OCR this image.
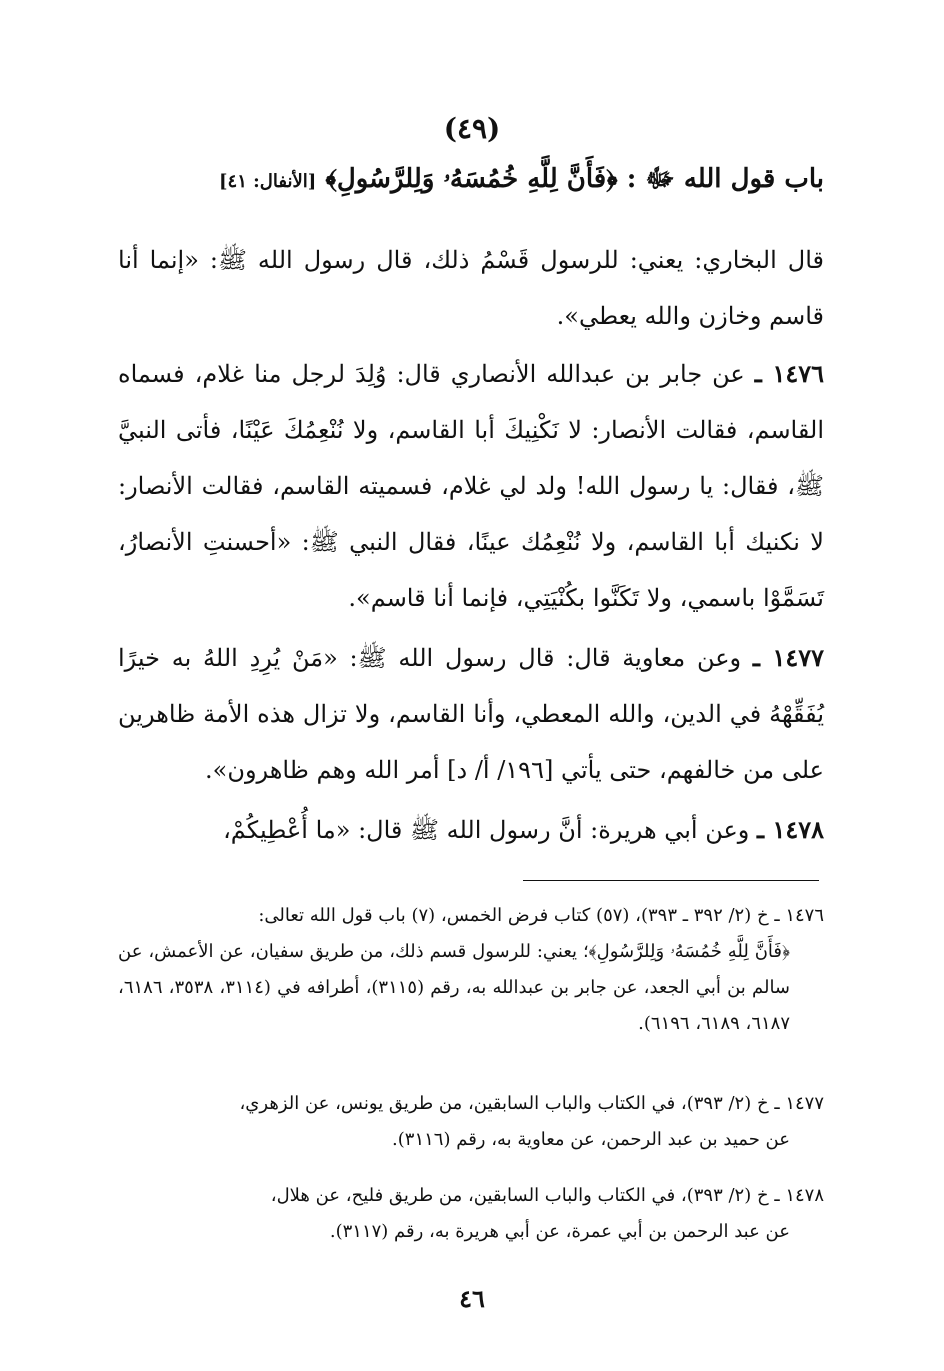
(٤٩)
باب قول الله ﷻ : ﴿فَأَنَّ لِلَّهِ خُمُسَهُۥ وَلِلرَّسُولِ﴾ [الأنفال: ٤١]
قال البخاري: يعني: للرسول قَسْمُ ذلك، قال رسول الله ﷺ: «إنما أنا قاسم وخازن والله يعطي».
١٤٧٦ ـ عن جابر بن عبدالله الأنصاري قال: وُلِدَ لرجل منا غلام، فسماه القاسم، فقالت الأنصار: لا نَكْنِيكَ أبا القاسم، ولا نُنْعِمُكَ عَيْنًا، فأتى النبيَّ ﷺ، فقال: يا رسول الله! ولد لي غلام، فسميته القاسم، فقالت الأنصار: لا نكنيك أبا القاسم، ولا نُنْعِمُك عينًا، فقال النبي ﷺ: «أحسنتِ الأنصارُ، تَسَمَّوْا باسمي، ولا تَكَنَّوا بكُنْيَتِي، فإنما أنا قاسم».
١٤٧٧ ـ وعن معاوية قال: قال رسول الله ﷺ: «مَنْ يُرِدِ اللهُ به خيرًا يُفَقِّهْهُ في الدين، والله المعطي، وأنا القاسم، ولا تزال هذه الأمة ظاهرين على من خالفهم، حتى يأتي [١٩٦/ أ/ د] أمر الله وهم ظاهرون».
١٤٧٨ ـ وعن أبي هريرة: أنَّ رسول الله ﷺ قال: «ما أُعْطِيكُمْ،
١٤٧٦ ـ خ (٢/ ٣٩٢ ـ ٣٩٣)، (٥٧) كتاب فرض الخمس، (٧) باب قول الله تعالى:
﴿فَأَنَّ لِلَّهِ خُمُسَهُۥ وَلِلرَّسُولِ﴾؛ يعني: للرسول قسم ذلك، من طريق سفيان، عن الأعمش، عن سالم بن أبي الجعد، عن جابر بن عبدالله به، رقم (٣١١٥)، أطرافه في (٣١١٤، ٣٥٣٨، ٦١٨٦، ٦١٨٧، ٦١٨٩، ٦١٩٦).
١٤٧٧ ـ خ (٢/ ٣٩٣)، في الكتاب والباب السابقين، من طريق يونس، عن الزهري،
عن حميد بن عبد الرحمن، عن معاوية به، رقم (٣١١٦).
١٤٧٨ ـ خ (٢/ ٣٩٣)، في الكتاب والباب السابقين، من طريق فليح، عن هلال،
عن عبد الرحمن بن أبي عمرة، عن أبي هريرة به، رقم (٣١١٧).
٤٦
